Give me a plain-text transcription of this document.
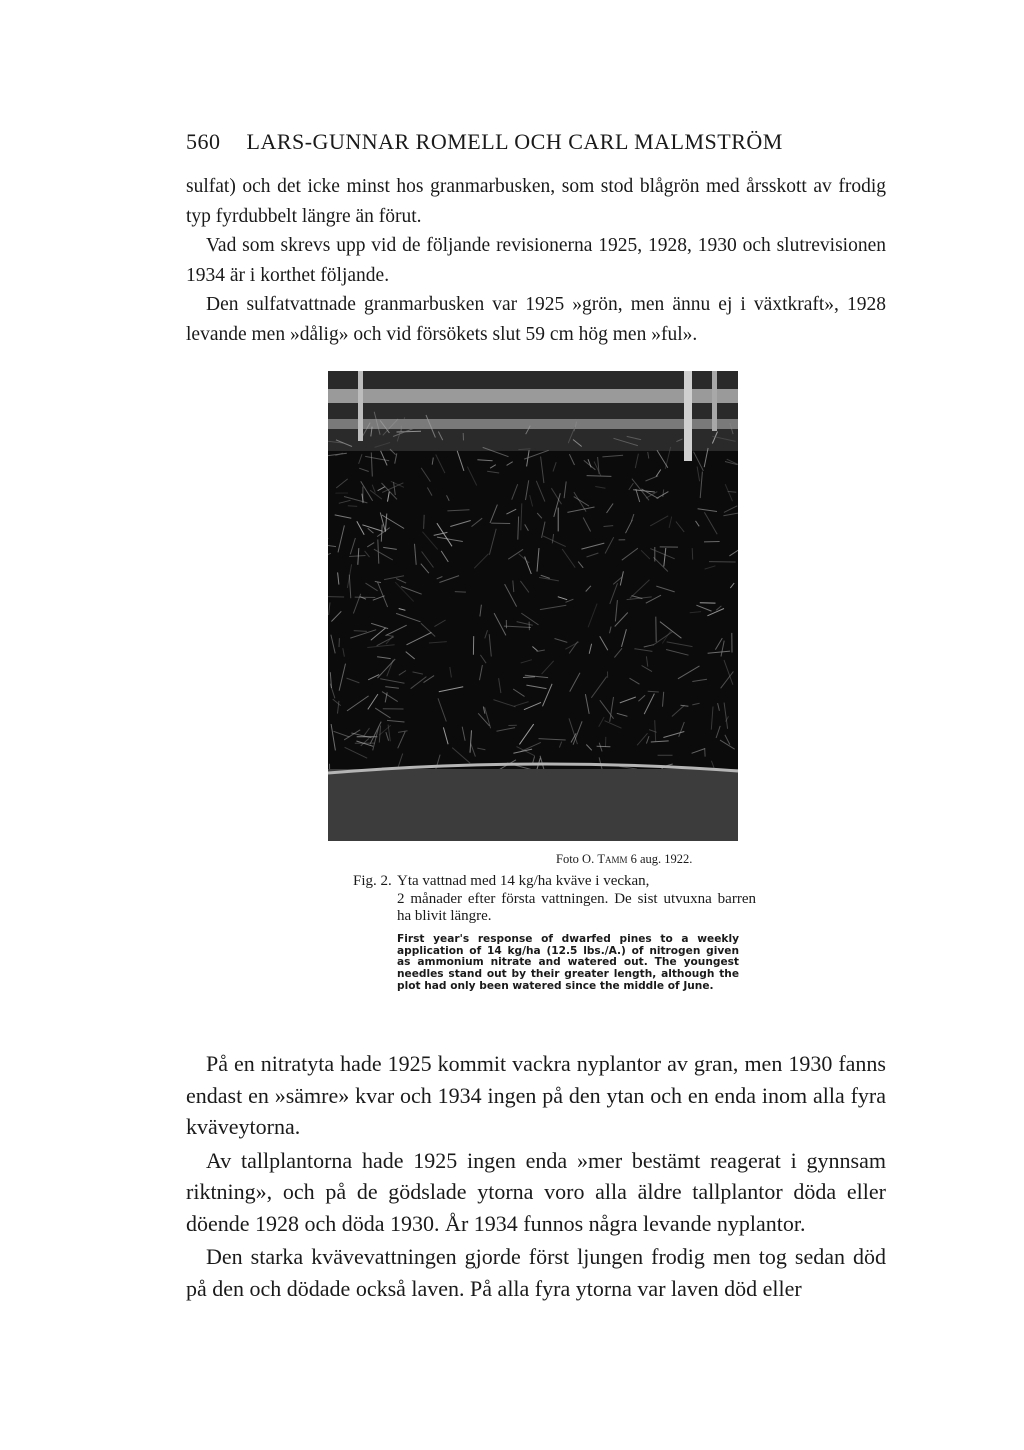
560 LARS-GUNNAR ROMELL OCH CARL MALMSTRÖM

sulfat) och det icke minst hos granmarbusken, som stod blågrön med årsskott av frodig typ fyrdubbelt längre än förut.

Vad som skrevs upp vid de följande revisionerna 1925, 1928, 1930 och slutrevisionen 1934 är i korthet följande.

Den sulfatvattnade granmarbusken var 1925 »grön, men ännu ej i växtkraft», 1928 levande men »dålig» och vid försökets slut 59 cm hög men »ful».

Foto O. Tamm 6 aug. 1922.
Fig. 2. Yta vattnad med 14 kg/ha kväve i veckan,
2 månader efter första vattningen. De sist utvuxna barren ha blivit längre.
First year's response of dwarfed pines to a weekly application of 14 kg/ha (12.5 lbs./A.) of nitrogen given as ammonium nitrate and watered out. The youngest needles stand out by their greater length, although the plot had only been watered since the middle of June.

På en nitratyta hade 1925 kommit vackra nyplantor av gran, men 1930 fanns endast en »sämre» kvar och 1934 ingen på den ytan och en enda inom alla fyra kväveytorna.

Av tallplantorna hade 1925 ingen enda »mer bestämt reagerat i gynnsam riktning», och på de gödslade ytorna voro alla äldre tallplantor döda eller döende 1928 och döda 1930. År 1934 funnos några levande nyplantor.

Den starka kvävevattningen gjorde först ljungen frodig men tog sedan död på den och dödade också laven. På alla fyra ytorna var laven död eller
